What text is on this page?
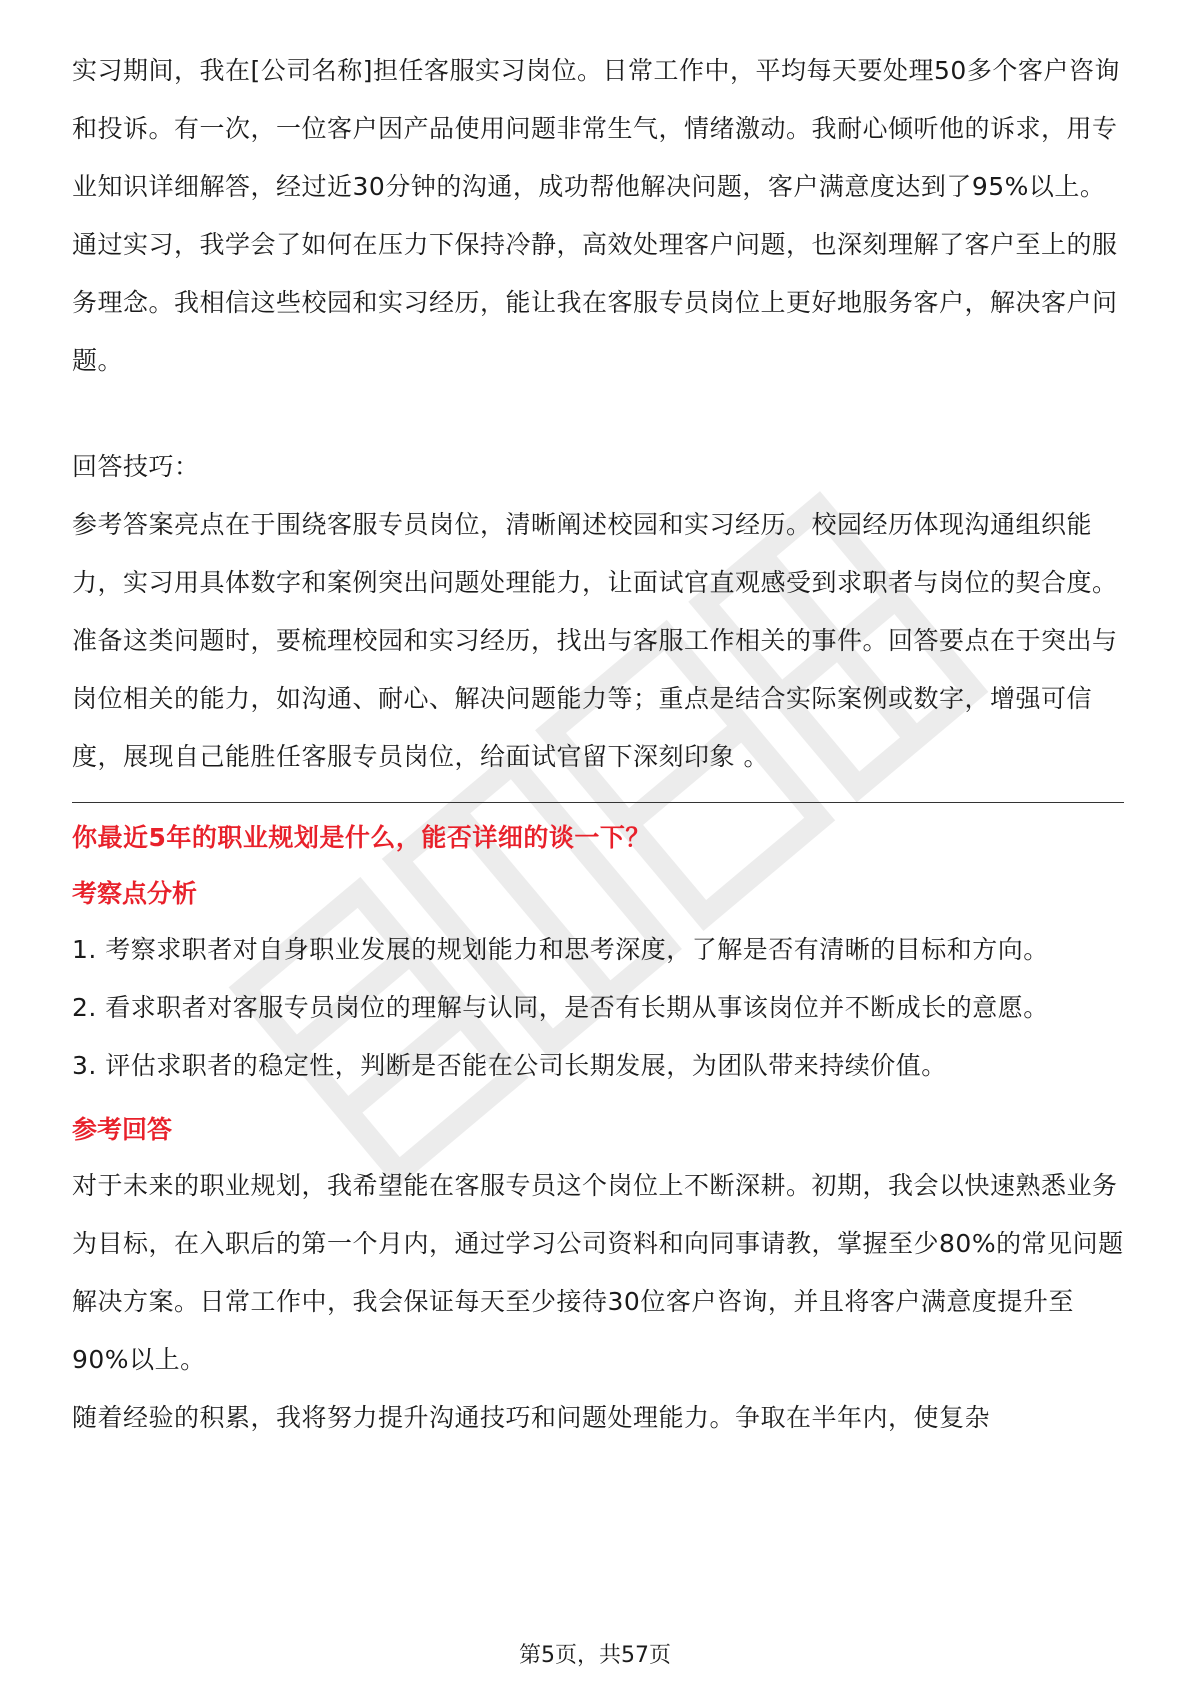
实习期间，我在[公司名称]担任客服实习岗位。日常工作中，平均每天要处理50多个客户咨询和投诉。有一次，一位客户因产品使用问题非常生气，情绪激动。我耐心倾听他的诉求，用专业知识详细解答，经过近30分钟的沟通，成功帮他解决问题，客户满意度达到了95%以上。通过实习，我学会了如何在压力下保持冷静，高效处理客户问题，也深刻理解了客户至上的服务理念。我相信这些校园和实习经历，能让我在客服专员岗位上更好地服务客户，解决客户问题。

回答技巧：

参考答案亮点在于围绕客服专员岗位，清晰阐述校园和实习经历。校园经历体现沟通组织能力，实习用具体数字和案例突出问题处理能力，让面试官直观感受到求职者与岗位的契合度。准备这类问题时，要梳理校园和实习经历，找出与客服工作相关的事件。回答要点在于突出与岗位相关的能力，如沟通、耐心、解决问题能力等；重点是结合实际案例或数字，增强可信度，展现自己能胜任客服专员岗位，给面试官留下深刻印象 。

你最近5年的职业规划是什么，能否详细的谈一下？
考察点分析

1. 考察求职者对自身职业发展的规划能力和思考深度，了解是否有清晰的目标和方向。

2. 看求职者对客服专员岗位的理解与认同，是否有长期从事该岗位并不断成长的意愿。

3. 评估求职者的稳定性，判断是否能在公司长期发展，为团队带来持续价值。

参考回答

对于未来的职业规划，我希望能在客服专员这个岗位上不断深耕。初期，我会以快速熟悉业务为目标，在入职后的第一个月内，通过学习公司资料和向同事请教，掌握至少80%的常见问题解决方案。日常工作中，我会保证每天至少接待30位客户咨询，并且将客户满意度提升至90%以上。

随着经验的积累，我将努力提升沟通技巧和问题处理能力。争取在半年内，使复杂

第5页，共57页
